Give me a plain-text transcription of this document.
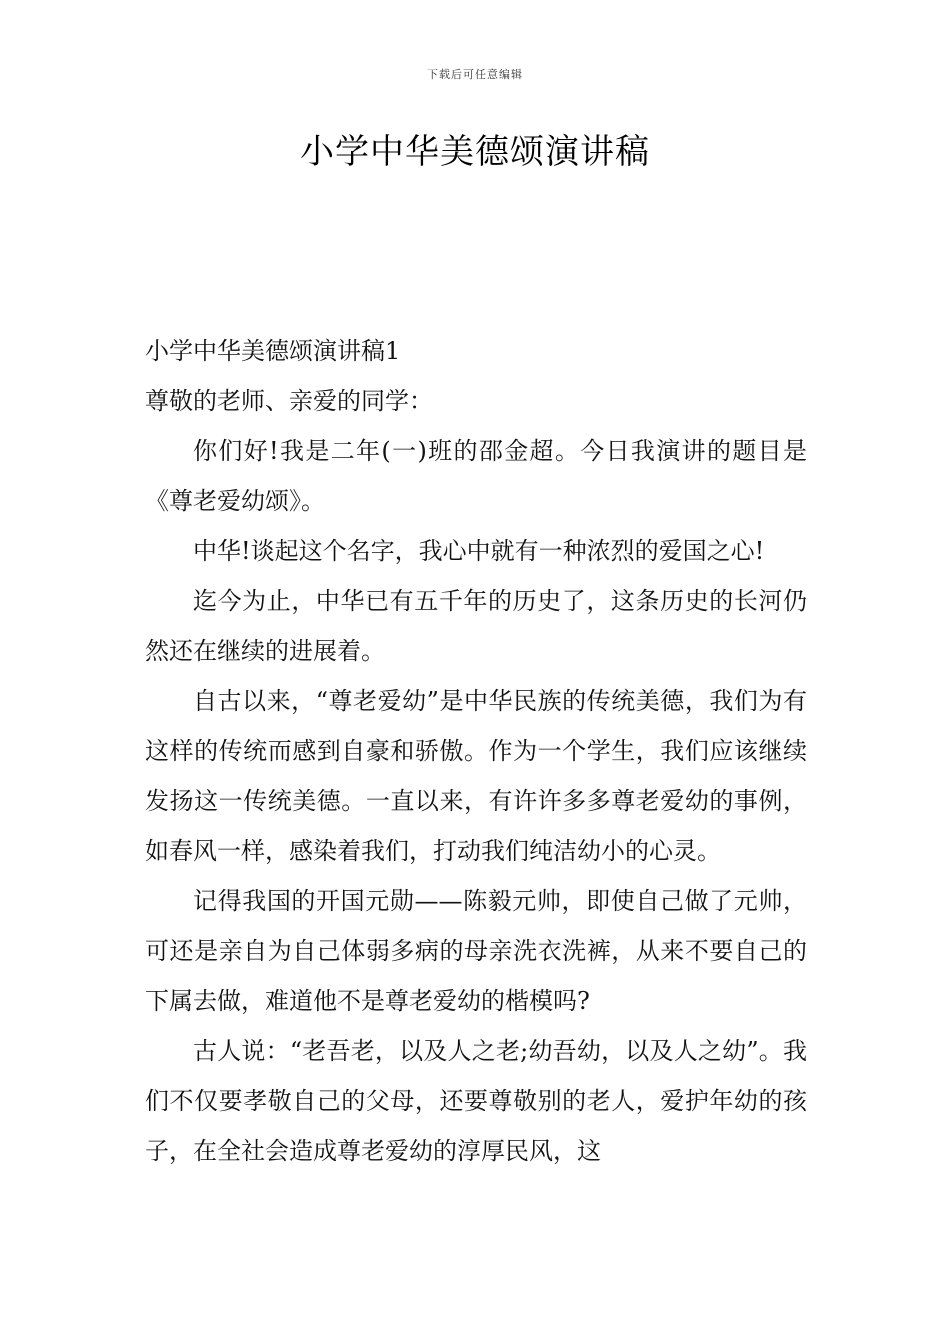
下载后可任意编辑
小学中华美德颂演讲稿

小学中华美德颂演讲稿1

尊敬的老师、亲爱的同学：

你们好!我是二年(一)班的邵金超。今日我演讲的题目是《尊老爱幼颂》。

中华!谈起这个名字，我心中就有一种浓烈的爱国之心!

迄今为止，中华已有五千年的历史了，这条历史的长河仍然还在继续的进展着。

自古以来，“尊老爱幼”是中华民族的传统美德，我们为有这样的传统而感到自豪和骄傲。作为一个学生，我们应该继续发扬这一传统美德。一直以来，有许许多多尊老爱幼的事例，如春风一样，感染着我们，打动我们纯洁幼小的心灵。

记得我国的开国元勋——陈毅元帅，即使自己做了元帅，可还是亲自为自己体弱多病的母亲洗衣洗裤，从来不要自己的下属去做，难道他不是尊老爱幼的楷模吗?

古人说：“老吾老，以及人之老;幼吾幼，以及人之幼”。我们不仅要孝敬自己的父母，还要尊敬别的老人，爱护年幼的孩子，在全社会造成尊老爱幼的淳厚民风，这
